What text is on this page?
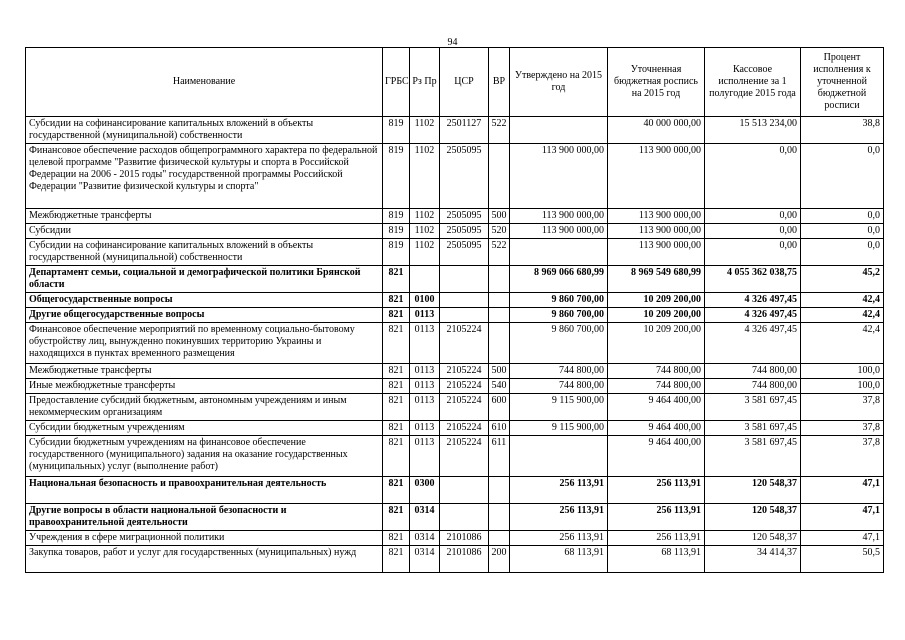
94
Наименование	ГРБС	Рз Пр	ЦСР	ВР	Утверждено на 2015 год	Уточненная бюджетная роспись на 2015 год	Кассовое исполнение за 1 полугодие 2015 года	Процент исполнения к уточненной бюджетной росписи

Субсидии на софинансирование капитальных вложений в объекты государственной (муниципальной) собственности	819	1102	2501127	522		40 000 000,00	15 513 234,00	38,8
Финансовое обеспечение расходов общепрограммного характера по федеральной целевой программе "Развитие физической культуры и спорта в Российской Федерации на 2006 - 2015 годы" государственной программы Российской Федерации "Развитие физической культуры и спорта"	819	1102	2505095		113 900 000,00	113 900 000,00	0,00	0,0
Межбюджетные трансферты	819	1102	2505095	500	113 900 000,00	113 900 000,00	0,00	0,0
Субсидии	819	1102	2505095	520	113 900 000,00	113 900 000,00	0,00	0,0
Субсидии на софинансирование капитальных вложений в объекты государственной (муниципальной) собственности	819	1102	2505095	522		113 900 000,00	0,00	0,0
Департамент семьи, социальной и демографической политики Брянской области	821				8 969 066 680,99	8 969 549 680,99	4 055 362 038,75	45,2
Общегосударственные вопросы	821	0100			9 860 700,00	10 209 200,00	4 326 497,45	42,4
Другие общегосударственные вопросы	821	0113			9 860 700,00	10 209 200,00	4 326 497,45	42,4
Финансовое обеспечение мероприятий по временному социально-бытовому обустройству лиц, вынужденно покинувших территорию Украины и находящихся в пунктах временного размещения	821	0113	2105224		9 860 700,00	10 209 200,00	4 326 497,45	42,4
Межбюджетные трансферты	821	0113	2105224	500	744 800,00	744 800,00	744 800,00	100,0
Иные межбюджетные трансферты	821	0113	2105224	540	744 800,00	744 800,00	744 800,00	100,0
Предоставление субсидий бюджетным, автономным учреждениям и иным некоммерческим организациям	821	0113	2105224	600	9 115 900,00	9 464 400,00	3 581 697,45	37,8
Субсидии бюджетным учреждениям	821	0113	2105224	610	9 115 900,00	9 464 400,00	3 581 697,45	37,8
Субсидии бюджетным учреждениям на финансовое обеспечение государственного (муниципального) задания на оказание государственных (муниципальных) услуг (выполнение работ)	821	0113	2105224	611		9 464 400,00	3 581 697,45	37,8
Национальная безопасность и правоохранительная деятельность	821	0300			256 113,91	256 113,91	120 548,37	47,1
Другие вопросы в области национальной безопасности и правоохранительной деятельности	821	0314			256 113,91	256 113,91	120 548,37	47,1
Учреждения в сфере миграционной политики	821	0314	2101086		256 113,91	256 113,91	120 548,37	47,1
Закупка товаров, работ и услуг для государственных (муниципальных) нужд	821	0314	2101086	200	68 113,91	68 113,91	34 414,37	50,5
